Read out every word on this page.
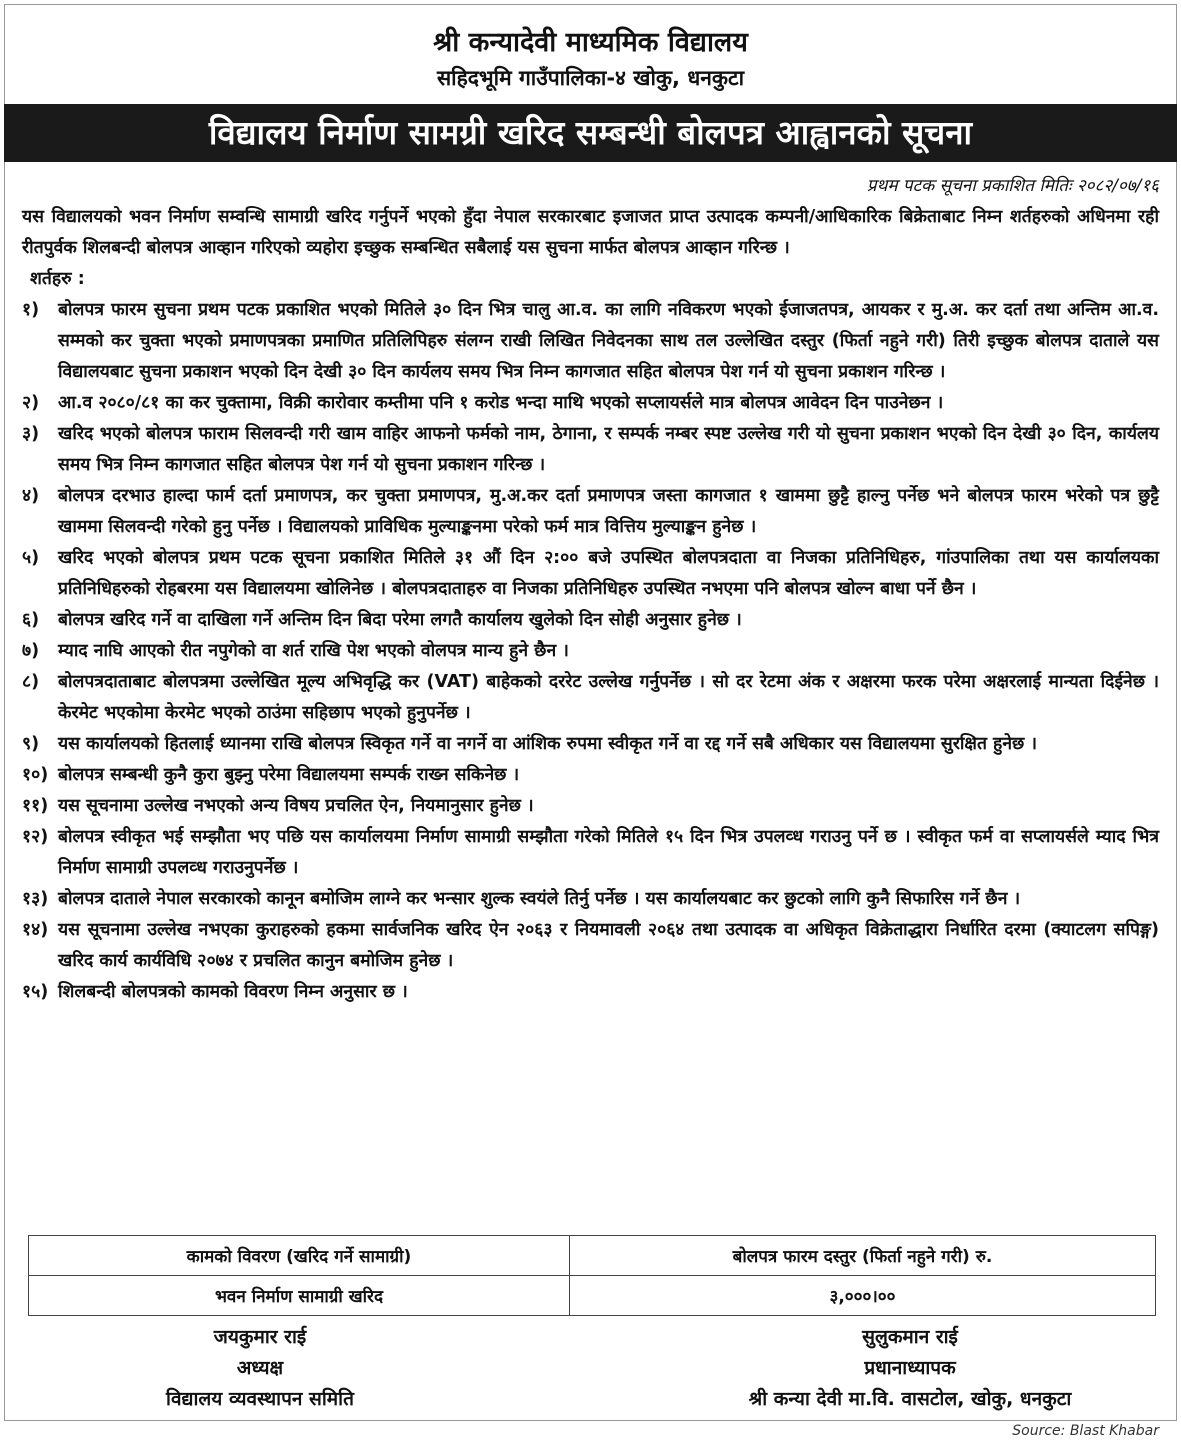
श्री कन्यादेवी माध्यमिक विद्यालय
सहिदभूमि गाउँपालिका-४ खोकु, धनकुटा
विद्यालय निर्माण सामग्री खरिद सम्बन्धी बोलपत्र आह्वानको सूचना
प्रथम पटक सूचना प्रकाशित मितिः २०८२/०७/१६

यस विद्यालयको भवन निर्माण सम्वन्धि सामाग्री खरिद गर्नुपर्ने भएको हुँदा नेपाल सरकारबाट इजाजत प्राप्त उत्पादक कम्पनी/आधिकारिक बिक्रेताबाट निम्न शर्तहरुको अधिनमा रही रीतपुर्वक शिलबन्दी बोलपत्र आव्हान गरिएको व्यहोरा इच्छुक सम्बन्धित सबैलाई यस सुचना मार्फत बोलपत्र आव्हान गरिन्छ ।

शर्तहरु :

१)	बोलपत्र फारम सुचना प्रथम पटक प्रकाशित भएको मितिले ३० दिन भित्र चालु आ.व. का लागि नविकरण भएको ईजाजतपत्र, आयकर र मु.अ. कर दर्ता तथा अन्तिम आ.व. सम्मको कर चुक्ता भएको प्रमाणपत्रका प्रमाणित प्रतिलिपिहरु संलग्न राखी लिखित निवेदनका साथ तल उल्लेखित दस्तुर (फिर्ता नहुने गरी) तिरी इच्छुक बोलपत्र दाताले यस विद्यालयबाट सुचना प्रकाशन भएको दिन देखी ३० दिन कार्यलय समय भित्र निम्न कागजात सहित बोलपत्र पेश गर्न यो सुचना प्रकाशन गरिन्छ ।
२)	आ.व २०८०/८१ का कर चुक्तामा, विक्री कारोवार कम्तीमा पनि १ करोड भन्दा माथि भएको सप्लायर्सले मात्र बोलपत्र आवेदन दिन पाउनेछन ।
३)	खरिद भएको बोलपत्र फाराम सिलवन्दी गरी खाम वाहिर आफनो फर्मको नाम, ठेगाना, र सम्पर्क नम्बर स्पष्ट उल्लेख गरी यो सुचना प्रकाशन भएको दिन देखी ३० दिन, कार्यलय समय भित्र निम्न कागजात सहित बोलपत्र पेश गर्न यो सुचना प्रकाशन गरिन्छ ।
४)	बोलपत्र दरभाउ हाल्दा फार्म दर्ता प्रमाणपत्र, कर चुक्ता प्रमाणपत्र, मु.अ.कर दर्ता प्रमाणपत्र जस्ता कागजात १ खाममा छुट्टै हाल्नु पर्नेछ भने बोलपत्र फारम भरेको पत्र छुट्टै खाममा सिलवन्दी गरेको हुनु पर्नेछ । विद्यालयको प्राविधिक मुल्याङ्कनमा परेको फर्म मात्र वित्तिय मुल्याङ्कन हुनेछ ।
५)	खरिद भएको बोलपत्र प्रथम पटक सूचना प्रकाशित मितिले ३१ औं दिन २:०० बजे उपस्थित बोलपत्रदाता वा निजका प्रतिनिधिहरु, गांउपालिका तथा यस कार्यालयका प्रतिनिधिहरुको रोहबरमा यस विद्यालयमा खोलिनेछ । बोलपत्रदाताहरु वा निजका प्रतिनिधिहरु उपस्थित नभएमा पनि बोलपत्र खोल्न बाधा पर्ने छैन ।
६)	बोलपत्र खरिद गर्ने वा दाखिला गर्ने अन्तिम दिन बिदा परेमा लगतै कार्यालय खुलेको दिन सोही अनुसार हुनेछ ।
७)	म्याद नाघि आएको रीत नपुगेको वा शर्त राखि पेश भएको वोलपत्र मान्य हुने छैन ।
८)	बोलपत्रदाताबाट बोलपत्रमा उल्लेखित मूल्य अभिवृद्धि कर (VAT) बाहेकको दररेट उल्लेख गर्नुपर्नेछ । सो दर रेटमा अंक र अक्षरमा फरक परेमा अक्षरलाई मान्यता दिईनेछ । केरमेट भएकोमा केरमेट भएको ठाउंमा सहिछाप भएको हुनुपर्नेछ ।
९)	यस कार्यालयको हितलाई ध्यानमा राखि बोलपत्र स्विकृत गर्ने वा नगर्ने वा आंशिक रुपमा स्वीकृत गर्ने वा रद्द गर्ने सबै अधिकार यस विद्यालयमा सुरक्षित हुनेछ ।
१०) बोलपत्र सम्बन्धी कुनै कुरा बुझ्नु परेमा विद्यालयमा सम्पर्क राख्न सकिनेछ ।
११) यस सूचनामा उल्लेख नभएको अन्य विषय प्रचलित ऐन, नियमानुसार हुनेछ ।
१२) बोलपत्र स्वीकृत भई सम्झौता भए पछि यस कार्यालयमा निर्माण सामाग्री सम्झौता गरेको मितिले १५ दिन भित्र उपलव्ध गराउनु पर्ने छ । स्वीकृत फर्म वा सप्लायर्सले म्याद भित्र निर्माण सामाग्री उपलव्ध गराउनुपर्नेछ ।
१३) बोलपत्र दाताले नेपाल सरकारको कानून बमोजिम लाग्ने कर भन्सार शुल्क स्वयंले तिर्नु पर्नेछ । यस कार्यालयबाट कर छुटको लागि कुनै सिफारिस गर्ने छैन ।
१४) यस सूचनामा उल्लेख नभएका कुराहरुको हकमा सार्वजनिक खरिद ऐन २०६३ र नियमावली २०६४ तथा उत्पादक वा अधिकृत विक्रेताद्धारा निर्धारित दरमा (क्याटलग सपिङ्ग) खरिद कार्य कार्यविधि २०७४ र प्रचलित कानुन बमोजिम हुनेछ ।
१५) शिलबन्दी बोलपत्रको कामको विवरण निम्न अनुसार छ ।
कामको विवरण (खरिद गर्ने सामाग्री)	बोलपत्र फारम दस्तुर (फिर्ता नहुने गरी) रु.
भवन निर्माण सामाग्री खरिद	३,०००।००
जयकुमार राई
अध्यक्ष
विद्यालय व्यवस्थापन समिति
सुलुकमान राई
प्रधानाध्यापक
श्री कन्या देवी मा.वि. वासटोल, खोकु, धनकुटा
Source: Blast Khabar
